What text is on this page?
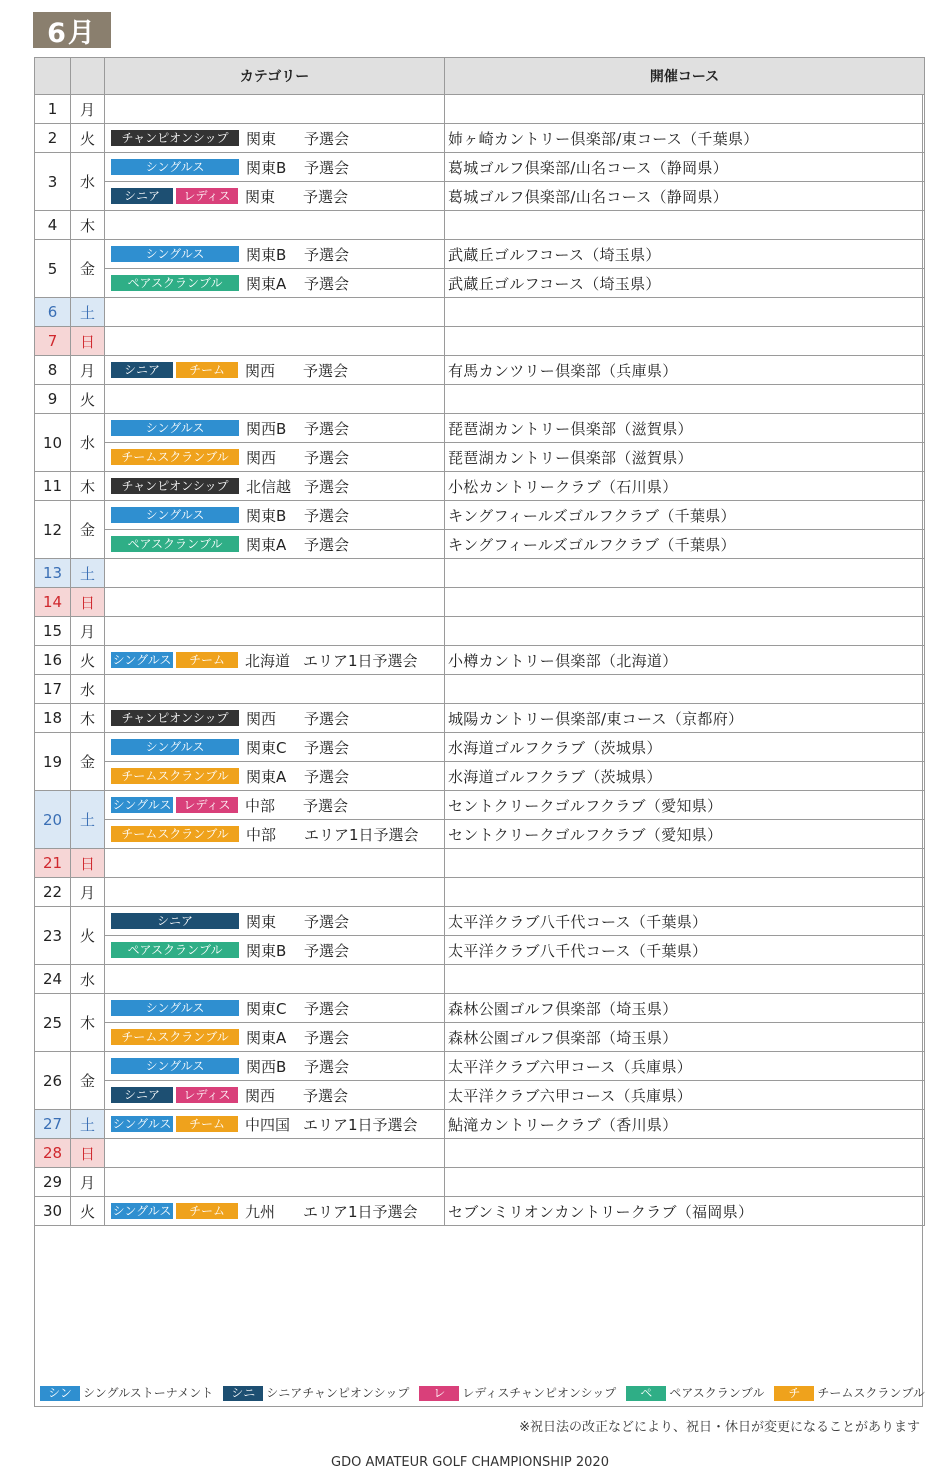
6月
		カテゴリー	開催コース
1	月		
2	火	チャンピオンシップ 関東 予選会	姉ヶ崎カントリー倶楽部/東コース（千葉県）
3	水	シングルス 関東B 予選会	葛城ゴルフ倶楽部/山名コース（静岡県）
		シニア レディス 関東 予選会	葛城ゴルフ倶楽部/山名コース（静岡県）
4	木		
5	金	シングルス 関東B 予選会	武蔵丘ゴルフコース（埼玉県）
		ペアスクランブル 関東A 予選会	武蔵丘ゴルフコース（埼玉県）
6	土		
7	日		
8	月	シニア チーム 関西 予選会	有馬カンツリー倶楽部（兵庫県）
9	火		
10	水	シングルス 関西B 予選会	琵琶湖カントリー倶楽部（滋賀県）
		チームスクランブル 関西 予選会	琵琶湖カントリー倶楽部（滋賀県）
11	木	チャンピオンシップ 北信越 予選会	小松カントリークラブ（石川県）
12	金	シングルス 関東B 予選会	キングフィールズゴルフクラブ（千葉県）
		ペアスクランブル 関東A 予選会	キングフィールズゴルフクラブ（千葉県）
13	土		
14	日		
15	月		
16	火	シングルス チーム 北海道 エリア1日予選会	小樽カントリー倶楽部（北海道）
17	水		
18	木	チャンピオンシップ 関西 予選会	城陽カントリー倶楽部/東コース（京都府）
19	金	シングルス 関東C 予選会	水海道ゴルフクラブ（茨城県）
		チームスクランブル 関東A 予選会	水海道ゴルフクラブ（茨城県）
20	土	シングルス レディス 中部 予選会	セントクリークゴルフクラブ（愛知県）
		チームスクランブル 中部 エリア1日予選会	セントクリークゴルフクラブ（愛知県）
21	日		
22	月		
23	火	シニア 関東 予選会	太平洋クラブ八千代コース（千葉県）
		ペアスクランブル 関東B 予選会	太平洋クラブ八千代コース（千葉県）
24	水		
25	木	シングルス 関東C 予選会	森林公園ゴルフ倶楽部（埼玉県）
		チームスクランブル 関東A 予選会	森林公園ゴルフ倶楽部（埼玉県）
26	金	シングルス 関西B 予選会	太平洋クラブ六甲コース（兵庫県）
		シニア レディス 関西 予選会	太平洋クラブ六甲コース（兵庫県）
27	土	シングルス チーム 中四国 エリア1日予選会	鮎滝カントリークラブ（香川県）
28	日		
29	月		
30	火	シングルス チーム 九州 エリア1日予選会	セブンミリオンカントリークラブ（福岡県）
シン シングルストーナメント シニ シニアチャンピオンシップ レ レディスチャンピオンシップ ペ ペアスクランブル チ チームスクランブル
※祝日法の改正などにより、祝日・休日が変更になることがあります
GDO AMATEUR GOLF CHAMPIONSHIP 2020
